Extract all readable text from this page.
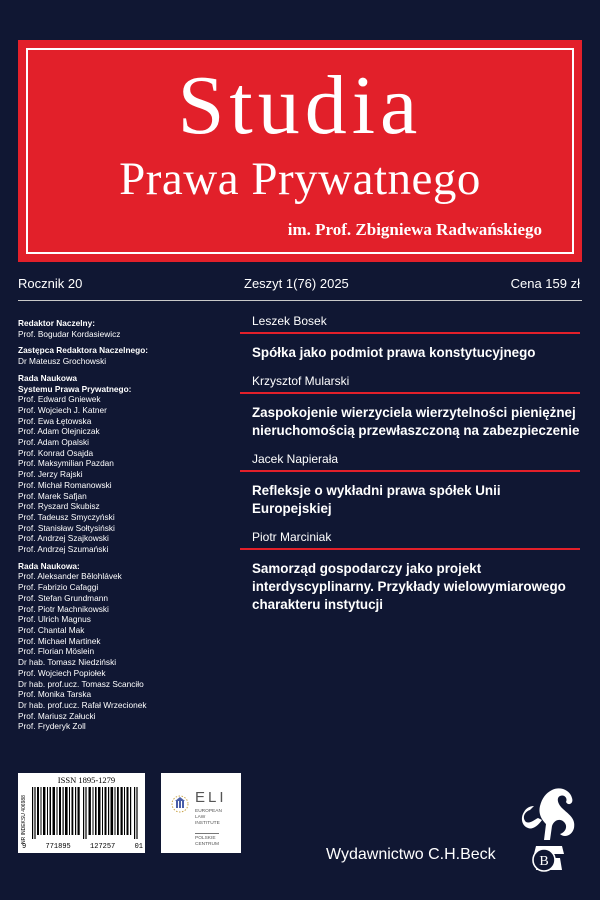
Studia
Prawa Prywatnego
im. Prof. Zbigniewa Radwańskiego
Rocznik 20	Zeszyt 1(76) 2025	Cena 159 zł
Redaktor Naczelny:
Prof. Bogudar Kordasiewicz
Zastępca Redaktora Naczelnego:
Dr Mateusz Grochowski
Rada Naukowa
Systemu Prawa Prywatnego:
Prof. Edward Gniewek
Prof. Wojciech J. Katner
Prof. Ewa Łętowska
Prof. Adam Olejniczak
Prof. Adam Opalski
Prof. Konrad Osajda
Prof. Maksymilian Pazdan
Prof. Jerzy Rajski
Prof. Michał Romanowski
Prof. Marek Safjan
Prof. Ryszard Skubisz
Prof. Tadeusz Smyczyński
Prof. Stanisław Sołtysiński
Prof. Andrzej Szajkowski
Prof. Andrzej Szumański
Rada Naukowa:
Prof. Aleksander Bělohlávek
Prof. Fabrizio Cafaggi
Prof. Stefan Grundmann
Prof. Piotr Machnikowski
Prof. Ulrich Magnus
Prof. Chantal Mak
Prof. Michael Martinek
Prof. Florian Möslein
Dr hab. Tomasz Niedziński
Prof. Wojciech Popiołek
Dr hab. prof.ucz. Tomasz Scanciło
Prof. Monika Tarska
Dr hab. prof.ucz. Rafał Wrzecionek
Prof. Mariusz Załucki
Prof. Fryderyk Zoll
Leszek Bosek
Spółka jako podmiot prawa konstytucyjnego
Krzysztof Mularski
Zaspokojenie wierzyciela wierzytelności pieniężnej nieruchomością przewłaszczoną na zabezpieczenie
Jacek Napierała
Refleksje o wykładni prawa spółek Unii Europejskiej
Piotr Marciniak
Samorząd gospodarczy jako projekt interdyscyplinarny. Przykłady wielowymiarowego charakteru instytucji
ISSN 1895-1279
NR INDEKSU 406988
9	771895	127257	01
ELI
EUROPEAN
LAW
INSTITUTE
POLSKIE
CENTRUM
Wydawnictwo C.H.Beck	B
